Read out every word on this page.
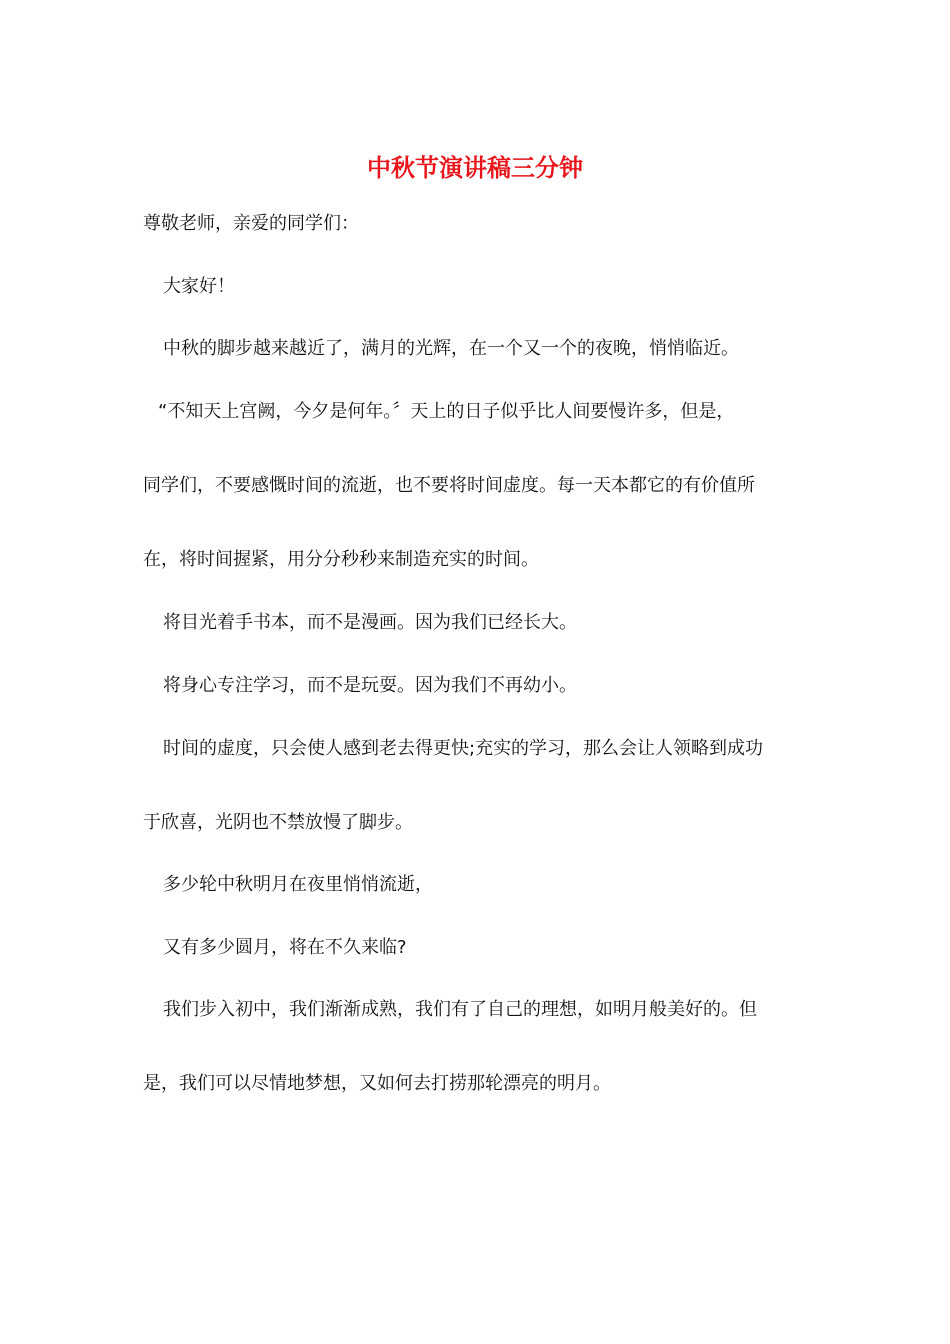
中秋节演讲稿三分钟

尊敬老师，亲爱的同学们：

大家好！

中秋的脚步越来越近了，满月的光辉，在一个又一个的夜晚，悄悄临近。

“不知天上宫阙，今夕是何年。〞天上的日子似乎比人间要慢许多，但是，

同学们，不要感慨时间的流逝，也不要将时间虚度。每一天本都它的有价值所

在，将时间握紧，用分分秒秒来制造充实的时间。

将目光着手书本，而不是漫画。因为我们已经长大。

将身心专注学习，而不是玩耍。因为我们不再幼小。

时间的虚度，只会使人感到老去得更快;充实的学习，那么会让人领略到成功

于欣喜，光阴也不禁放慢了脚步。

多少轮中秋明月在夜里悄悄流逝，

又有多少圆月，将在不久来临?

我们步入初中，我们渐渐成熟，我们有了自己的理想，如明月般美好的。但

是，我们可以尽情地梦想，又如何去打捞那轮漂亮的明月。
